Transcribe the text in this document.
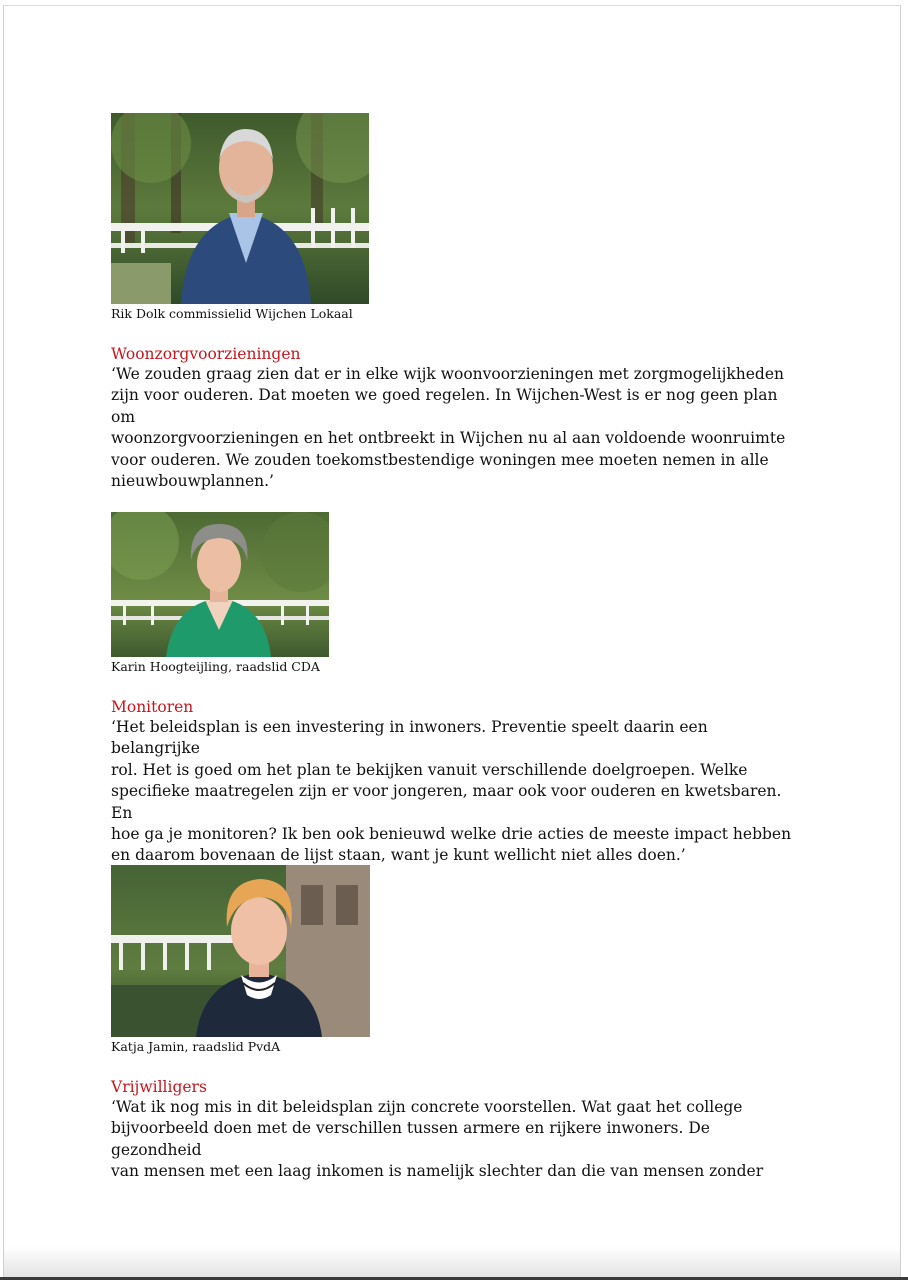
Rik Dolk commissielid Wijchen Lokaal
Woonzorgvoorzieningen
‘We zouden graag zien dat er in elke wijk woonvoorzieningen met zorgmogelijkheden
zijn voor ouderen. Dat moeten we goed regelen. In Wijchen-West is er nog geen plan om
woonzorgvoorzieningen en het ontbreekt in Wijchen nu al aan voldoende woonruimte
voor ouderen. We zouden toekomstbestendige woningen mee moeten nemen in alle
nieuwbouwplannen.’
Karin Hoogteijling, raadslid CDA
Monitoren
‘Het beleidsplan is een investering in inwoners. Preventie speelt daarin een belangrijke
rol. Het is goed om het plan te bekijken vanuit verschillende doelgroepen. Welke
specifieke maatregelen zijn er voor jongeren, maar ook voor ouderen en kwetsbaren. En
hoe ga je monitoren? Ik ben ook benieuwd welke drie acties de meeste impact hebben
en daarom bovenaan de lijst staan, want je kunt wellicht niet alles doen.’
Katja Jamin, raadslid PvdA
Vrijwilligers
‘Wat ik nog mis in dit beleidsplan zijn concrete voorstellen. Wat gaat het college
bijvoorbeeld doen met de verschillen tussen armere en rijkere inwoners. De gezondheid
van mensen met een laag inkomen is namelijk slechter dan die van mensen zonder
